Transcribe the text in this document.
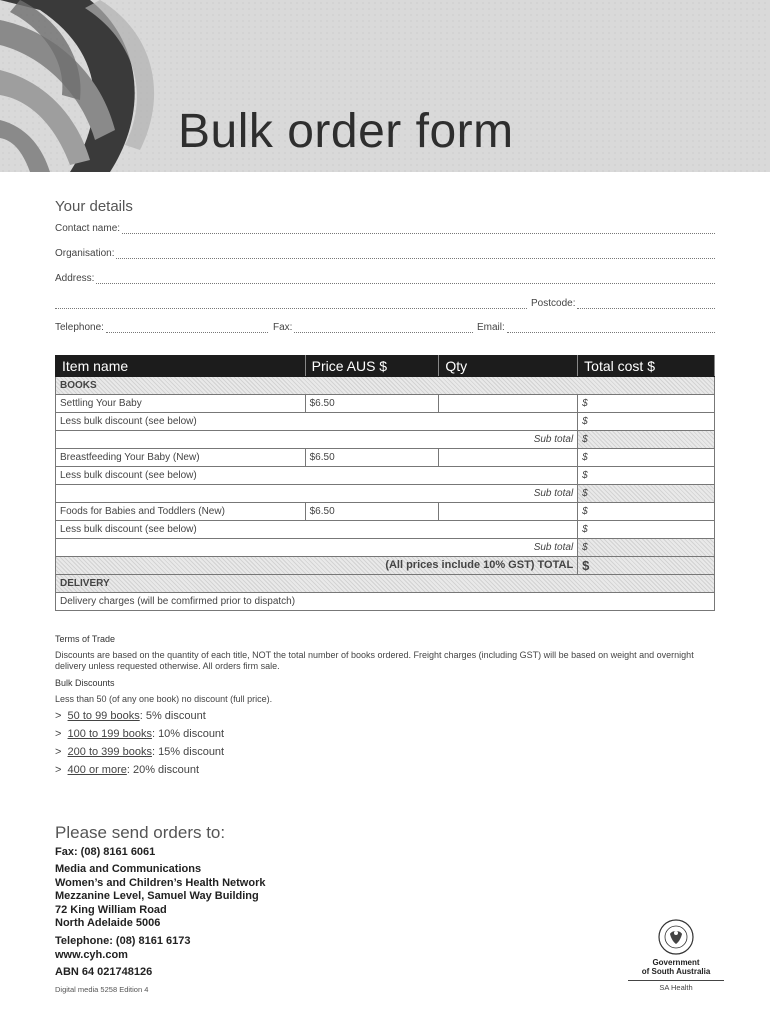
Bulk order form
Your details
Contact name:
Organisation:
Address:
Postcode:
Telephone:	Fax:	Email:
Item name	Price AUS $	Qty	Total cost $
BOOKS			
Settling Your Baby	$6.50		$
Less bulk discount (see below)			$
Sub total			$
Breastfeeding Your Baby (New)	$6.50		$
Less bulk discount (see below)			$
Sub total			$
Foods for Babies and Toddlers (New)	$6.50		$
Less bulk discount (see below)			$
Sub total			$
(All prices include 10% GST) TOTAL			$
DELIVERY			
Delivery charges (will be comfirmed prior to dispatch)			
Terms of Trade
Discounts are based on the quantity of each title, NOT the total number of books ordered. Freight charges (including GST) will be based on weight and overnight delivery unless requested otherwise. All orders firm sale.
Bulk Discounts
Less than 50 (of any one book) no discount (full price).
>  50 to 99 books: 5% discount
>  100 to 199 books: 10% discount
>  200 to 399 books: 15% discount
>  400 or more: 20% discount
Please send orders to:
Fax: (08) 8161 6061
Media and Communications
Women’s and Children’s Health Network
Mezzanine Level, Samuel Way Building
72 King William Road
North Adelaide 5006
Telephone: (08) 8161 6173
www.cyh.com
ABN 64 021748126
Digital media 5258 Edition 4
Government
of South Australia
SA Health
